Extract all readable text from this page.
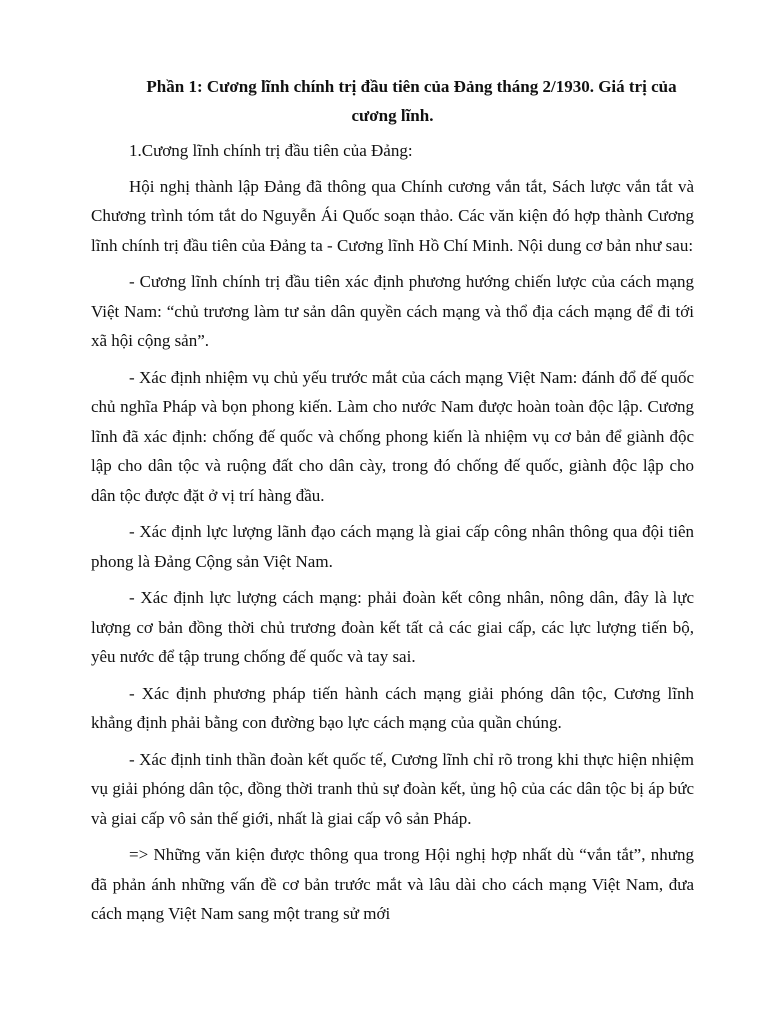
Phần 1: Cương lĩnh chính trị đầu tiên của Đảng tháng 2/1930. Giá trị của cương lĩnh.
1.Cương lĩnh chính trị đầu tiên của Đảng:
Hội nghị thành lập Đảng đã thông qua Chính cương vắn tắt, Sách lược vắn tắt và Chương trình tóm tắt do Nguyễn Ái Quốc soạn thảo. Các văn kiện đó hợp thành Cương lĩnh chính trị đầu tiên của Đảng ta - Cương lĩnh Hồ Chí Minh. Nội dung cơ bản như sau:
- Cương lĩnh chính trị đầu tiên xác định phương hướng chiến lược của cách mạng Việt Nam: “chủ trương làm tư sản dân quyền cách mạng và thổ địa cách mạng để đi tới xã hội cộng sản”.
- Xác định nhiệm vụ chủ yếu trước mắt của cách mạng Việt Nam: đánh đổ đế quốc chủ nghĩa Pháp và bọn phong kiến. Làm cho nước Nam được hoàn toàn độc lập. Cương lĩnh đã xác định: chống đế quốc và chống phong kiến là nhiệm vụ cơ bản để giành độc lập cho dân tộc và ruộng đất cho dân cày, trong đó chống đế quốc, giành độc lập cho dân tộc được đặt ở vị trí hàng đầu.
- Xác định lực lượng lãnh đạo cách mạng là giai cấp công nhân thông qua đội tiên phong là Đảng Cộng sản Việt Nam.
- Xác định lực lượng cách mạng: phải đoàn kết công nhân, nông dân, đây là lực lượng cơ bản đồng thời chủ trương đoàn kết tất cả các giai cấp, các lực lượng tiến bộ, yêu nước để tập trung chống đế quốc và tay sai.
- Xác định phương pháp tiến hành cách mạng giải phóng dân tộc, Cương lĩnh khẳng định phải bằng con đường bạo lực cách mạng của quần chúng.
- Xác định tinh thần đoàn kết quốc tế, Cương lĩnh chỉ rõ trong khi thực hiện nhiệm vụ giải phóng dân tộc, đồng thời tranh thủ sự đoàn kết, ủng hộ của các dân tộc bị áp bức và giai cấp vô sản thế giới, nhất là giai cấp vô sản Pháp.
=> Những văn kiện được thông qua trong Hội nghị hợp nhất dù “vắn tắt”, nhưng đã phản ánh những vấn đề cơ bản trước mắt và lâu dài cho cách mạng Việt Nam, đưa cách mạng Việt Nam sang một trang sử mới
